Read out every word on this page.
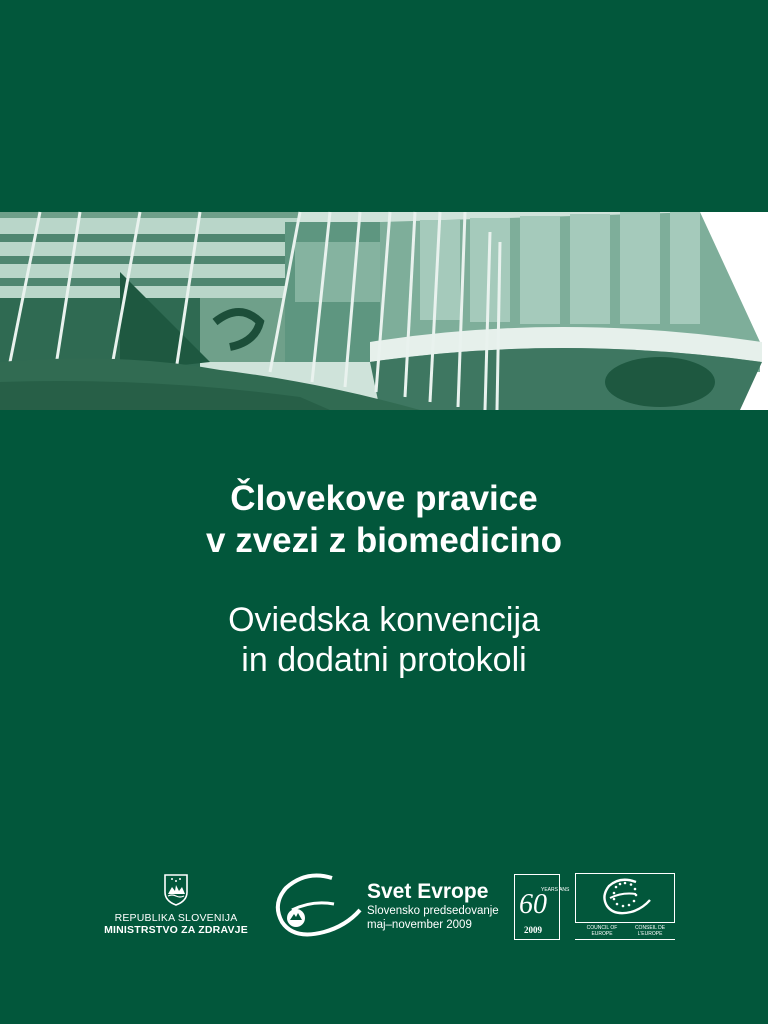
Človekove pravice
v zvezi z biomedicino

Oviedska konvencija
in dodatni protokoli

REPUBLIKA SLOVENIJA
MINISTRSTVO ZA ZDRAVJE
Svet Evrope
Slovensko predsedovanje
maj–november 2009
60
YEARS ANS
2009	COUNCIL OF EUROPE
CONSEIL DE L'EUROPE
